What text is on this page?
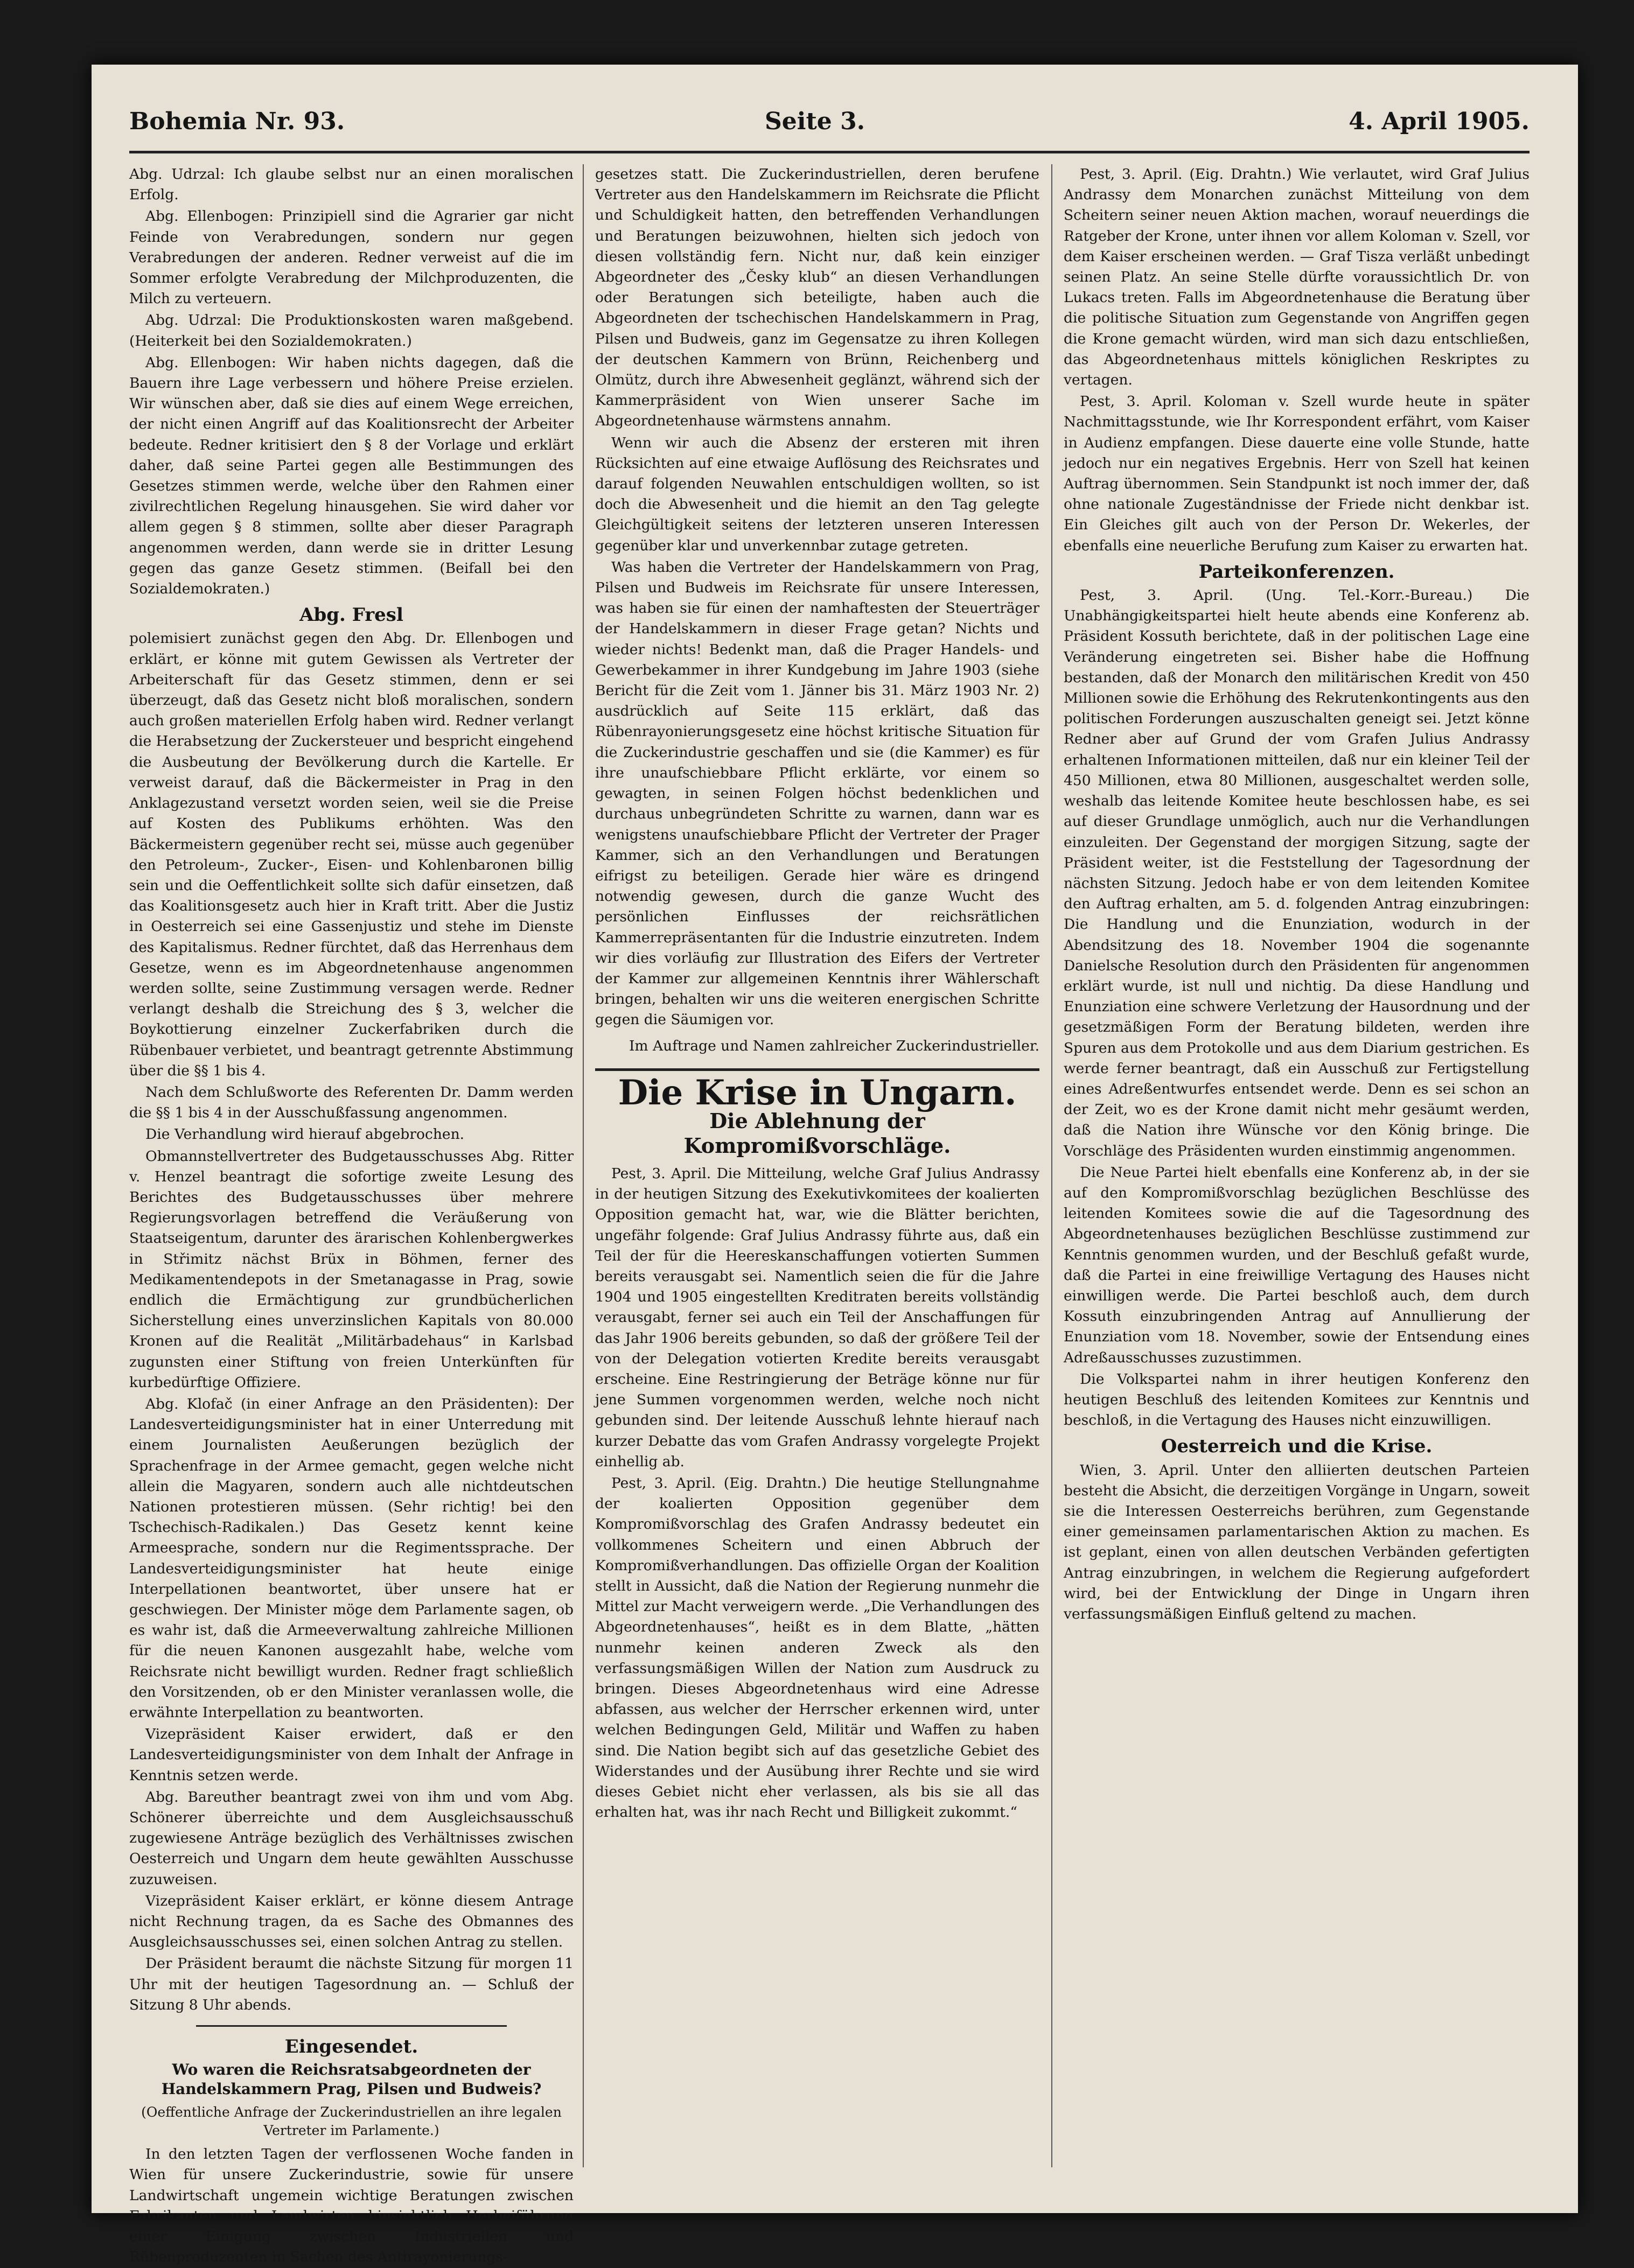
Bohemia Nr. 93.	Seite 3.	4. April 1905.

Abg. Udrzal: Ich glaube selbst nur an einen moralischen Erfolg.

Abg. Ellenbogen: Prinzipiell sind die Agrarier gar nicht Feinde von Verabredungen, sondern nur gegen Verabredungen der anderen. Redner verweist auf die im Sommer erfolgte Verabredung der Milchproduzenten, die Milch zu verteuern.

Abg. Udrzal: Die Produktionskosten waren maßgebend. (Heiterkeit bei den Sozialdemokraten.)

Abg. Ellenbogen: Wir haben nichts dagegen, daß die Bauern ihre Lage verbessern und höhere Preise erzielen. Wir wünschen aber, daß sie dies auf einem Wege erreichen, der nicht einen Angriff auf das Koalitionsrecht der Arbeiter bedeute. Redner kritisiert den § 8 der Vorlage und erklärt daher, daß seine Partei gegen alle Bestimmungen des Gesetzes stimmen werde, welche über den Rahmen einer zivilrechtlichen Regelung hinausgehen. Sie wird daher vor allem gegen § 8 stimmen, sollte aber dieser Paragraph angenommen werden, dann werde sie in dritter Lesung gegen das ganze Gesetz stimmen. (Beifall bei den Sozialdemokraten.)

Abg. Fresl

polemisiert zunächst gegen den Abg. Dr. Ellenbogen und erklärt, er könne mit gutem Gewissen als Vertreter der Arbeiterschaft für das Gesetz stimmen, denn er sei überzeugt, daß das Gesetz nicht bloß moralischen, sondern auch großen materiellen Erfolg haben wird. Redner verlangt die Herabsetzung der Zuckersteuer und bespricht eingehend die Ausbeutung der Bevölkerung durch die Kartelle. Er verweist darauf, daß die Bäckermeister in Prag in den Anklagezustand versetzt worden seien, weil sie die Preise auf Kosten des Publikums erhöhten. Was den Bäckermeistern gegenüber recht sei, müsse auch gegenüber den Petroleum-, Zucker-, Eisen- und Kohlenbaronen billig sein und die Oeffentlichkeit sollte sich dafür einsetzen, daß das Koalitionsgesetz auch hier in Kraft tritt. Aber die Justiz in Oesterreich sei eine Gassenjustiz und stehe im Dienste des Kapitalismus. Redner fürchtet, daß das Herrenhaus dem Gesetze, wenn es im Abgeordnetenhause angenommen werden sollte, seine Zustimmung versagen werde. Redner verlangt deshalb die Streichung des § 3, welcher die Boykottierung einzelner Zuckerfabriken durch die Rübenbauer verbietet, und beantragt getrennte Abstimmung über die §§ 1 bis 4.

Nach dem Schlußworte des Referenten Dr. Damm werden die §§ 1 bis 4 in der Ausschußfassung angenommen.

Die Verhandlung wird hierauf abgebrochen.

Obmannstellvertreter des Budgetausschusses Abg. Ritter v. Henzel beantragt die sofortige zweite Lesung des Berichtes des Budgetausschusses über mehrere Regierungsvorlagen betreffend die Veräußerung von Staatseigentum, darunter des ärarischen Kohlenbergwerkes in Střimitz nächst Brüx in Böhmen, ferner des Medikamentendepots in der Smetanagasse in Prag, sowie endlich die Ermächtigung zur grundbücherlichen Sicherstellung eines unverzinslichen Kapitals von 80.000 Kronen auf die Realität „Militärbadehaus“ in Karlsbad zugunsten einer Stiftung von freien Unterkünften für kurbedürftige Offiziere.

Abg. Klofač (in einer Anfrage an den Präsidenten): Der Landesverteidigungsminister hat in einer Unterredung mit einem Journalisten Aeußerungen bezüglich der Sprachenfrage in der Armee gemacht, gegen welche nicht allein die Magyaren, sondern auch alle nichtdeutschen Nationen protestieren müssen. (Sehr richtig! bei den Tschechisch-Radikalen.) Das Gesetz kennt keine Armeesprache, sondern nur die Regimentssprache. Der Landesverteidigungsminister hat heute einige Interpellationen beantwortet, über unsere hat er geschwiegen. Der Minister möge dem Parlamente sagen, ob es wahr ist, daß die Armeeverwaltung zahlreiche Millionen für die neuen Kanonen ausgezahlt habe, welche vom Reichsrate nicht bewilligt wurden. Redner fragt schließlich den Vorsitzenden, ob er den Minister veranlassen wolle, die erwähnte Interpellation zu beantworten.

Vizepräsident Kaiser erwidert, daß er den Landesverteidigungsminister von dem Inhalt der Anfrage in Kenntnis setzen werde.

Abg. Bareuther beantragt zwei von ihm und vom Abg. Schönerer überreichte und dem Ausgleichsausschuß zugewiesene Anträge bezüglich des Verhältnisses zwischen Oesterreich und Ungarn dem heute gewählten Ausschusse zuzuweisen.

Vizepräsident Kaiser erklärt, er könne diesem Antrage nicht Rechnung tragen, da es Sache des Obmannes des Ausgleichsausschusses sei, einen solchen Antrag zu stellen.

Der Präsident beraumt die nächste Sitzung für morgen 11 Uhr mit der heutigen Tagesordnung an. — Schluß der Sitzung 8 Uhr abends.

Eingesendet.
Wo waren die Reichsratsabgeordneten der Handelskammern Prag, Pilsen und Budweis?
(Oeffentliche Anfrage der Zuckerindustriellen an ihre legalen Vertreter im Parlamente.)

In den letzten Tagen der verflossenen Woche fanden in Wien für unsere Zuckerindustrie, sowie für unsere Landwirtschaft ungemein wichtige Beratungen zwischen Fabrikanten und Landwirten hinsichtlich Herbeiführung einer Einigung zwischen Industriellen und Rübenproduzenten in Sachen des Antirayonierungs-

gesetzes statt. Die Zuckerindustriellen, deren berufene Vertreter aus den Handelskammern im Reichsrate die Pflicht und Schuldigkeit hatten, den betreffenden Verhandlungen und Beratungen beizuwohnen, hielten sich jedoch von diesen vollständig fern. Nicht nur, daß kein einziger Abgeordneter des „Česky klub“ an diesen Verhandlungen oder Beratungen sich beteiligte, haben auch die Abgeordneten der tschechischen Handelskammern in Prag, Pilsen und Budweis, ganz im Gegensatze zu ihren Kollegen der deutschen Kammern von Brünn, Reichenberg und Olmütz, durch ihre Abwesenheit geglänzt, während sich der Kammerpräsident von Wien unserer Sache im Abgeordnetenhause wärmstens annahm.

Wenn wir auch die Absenz der ersteren mit ihren Rücksichten auf eine etwaige Auflösung des Reichsrates und darauf folgenden Neuwahlen entschuldigen wollten, so ist doch die Abwesenheit und die hiemit an den Tag gelegte Gleichgültigkeit seitens der letzteren unseren Interessen gegenüber klar und unverkennbar zutage getreten.

Was haben die Vertreter der Handelskammern von Prag, Pilsen und Budweis im Reichsrate für unsere Interessen, was haben sie für einen der namhaftesten der Steuerträger der Handelskammern in dieser Frage getan? Nichts und wieder nichts! Bedenkt man, daß die Prager Handels- und Gewerbekammer in ihrer Kundgebung im Jahre 1903 (siehe Bericht für die Zeit vom 1. Jänner bis 31. März 1903 Nr. 2) ausdrücklich auf Seite 115 erklärt, daß das Rübenrayonierungsgesetz eine höchst kritische Situation für die Zuckerindustrie geschaffen und sie (die Kammer) es für ihre unaufschiebbare Pflicht erklärte, vor einem so gewagten, in seinen Folgen höchst bedenklichen und durchaus unbegründeten Schritte zu warnen, dann war es wenigstens unaufschiebbare Pflicht der Vertreter der Prager Kammer, sich an den Verhandlungen und Beratungen eifrigst zu beteiligen. Gerade hier wäre es dringend notwendig gewesen, durch die ganze Wucht des persönlichen Einflusses der reichsrätlichen Kammerrepräsentanten für die Industrie einzutreten. Indem wir dies vorläufig zur Illustration des Eifers der Vertreter der Kammer zur allgemeinen Kenntnis ihrer Wählerschaft bringen, behalten wir uns die weiteren energischen Schritte gegen die Säumigen vor.

Im Auftrage und Namen zahlreicher Zuckerindustrieller.
Die Krise in Ungarn.
Die Ablehnung der Kompromißvorschläge.

Pest, 3. April. Die Mitteilung, welche Graf Julius Andrassy in der heutigen Sitzung des Exekutivkomitees der koalierten Opposition gemacht hat, war, wie die Blätter berichten, ungefähr folgende: Graf Julius Andrassy führte aus, daß ein Teil der für die Heereskanschaffungen votierten Summen bereits verausgabt sei. Namentlich seien die für die Jahre 1904 und 1905 eingestellten Kreditraten bereits vollständig verausgabt, ferner sei auch ein Teil der Anschaffungen für das Jahr 1906 bereits gebunden, so daß der größere Teil der von der Delegation votierten Kredite bereits verausgabt erscheine. Eine Restringierung der Beträge könne nur für jene Summen vorgenommen werden, welche noch nicht gebunden sind. Der leitende Ausschuß lehnte hierauf nach kurzer Debatte das vom Grafen Andrassy vorgelegte Projekt einhellig ab.

Pest, 3. April. (Eig. Drahtn.) Die heutige Stellungnahme der koalierten Opposition gegenüber dem Kompromißvorschlag des Grafen Andrassy bedeutet ein vollkommenes Scheitern und einen Abbruch der Kompromißverhandlungen. Das offizielle Organ der Koalition stellt in Aussicht, daß die Nation der Regierung nunmehr die Mittel zur Macht verweigern werde. „Die Verhandlungen des Abgeordnetenhauses“, heißt es in dem Blatte, „hätten nunmehr keinen anderen Zweck als den verfassungsmäßigen Willen der Nation zum Ausdruck zu bringen. Dieses Abgeordnetenhaus wird eine Adresse abfassen, aus welcher der Herrscher erkennen wird, unter welchen Bedingungen Geld, Militär und Waffen zu haben sind. Die Nation begibt sich auf das gesetzliche Gebiet des Widerstandes und der Ausübung ihrer Rechte und sie wird dieses Gebiet nicht eher verlassen, als bis sie all das erhalten hat, was ihr nach Recht und Billigkeit zukommt.“

Pest, 3. April. (Eig. Drahtn.) Wie verlautet, wird Graf Julius Andrassy dem Monarchen zunächst Mitteilung von dem Scheitern seiner neuen Aktion machen, worauf neuerdings die Ratgeber der Krone, unter ihnen vor allem Koloman v. Szell, vor dem Kaiser erscheinen werden. — Graf Tisza verläßt unbedingt seinen Platz. An seine Stelle dürfte voraussichtlich Dr. von Lukacs treten. Falls im Abgeordnetenhause die Beratung über die politische Situation zum Gegenstande von Angriffen gegen die Krone gemacht würden, wird man sich dazu entschließen, das Abgeordnetenhaus mittels königlichen Reskriptes zu vertagen.

Pest, 3. April. Koloman v. Szell wurde heute in später Nachmittagsstunde, wie Ihr Korrespondent erfährt, vom Kaiser in Audienz empfangen. Diese dauerte eine volle Stunde, hatte jedoch nur ein negatives Ergebnis. Herr von Szell hat keinen Auftrag übernommen. Sein Standpunkt ist noch immer der, daß ohne nationale Zugeständnisse der Friede nicht denkbar ist. Ein Gleiches gilt auch von der Person Dr. Wekerles, der ebenfalls eine neuerliche Berufung zum Kaiser zu erwarten hat.

Parteikonferenzen.

Pest, 3. April. (Ung. Tel.-Korr.-Bureau.) Die Unabhängigkeitspartei hielt heute abends eine Konferenz ab. Präsident Kossuth berichtete, daß in der politischen Lage eine Veränderung eingetreten sei. Bisher habe die Hoffnung bestanden, daß der Monarch den militärischen Kredit von 450 Millionen sowie die Erhöhung des Rekrutenkontingents aus den politischen Forderungen auszuschalten geneigt sei. Jetzt könne Redner aber auf Grund der vom Grafen Julius Andrassy erhaltenen Informationen mitteilen, daß nur ein kleiner Teil der 450 Millionen, etwa 80 Millionen, ausgeschaltet werden solle, weshalb das leitende Komitee heute beschlossen habe, es sei auf dieser Grundlage unmöglich, auch nur die Verhandlungen einzuleiten. Der Gegenstand der morgigen Sitzung, sagte der Präsident weiter, ist die Feststellung der Tagesordnung der nächsten Sitzung. Jedoch habe er von dem leitenden Komitee den Auftrag erhalten, am 5. d. folgenden Antrag einzubringen: Die Handlung und die Enunziation, wodurch in der Abendsitzung des 18. November 1904 die sogenannte Danielsche Resolution durch den Präsidenten für angenommen erklärt wurde, ist null und nichtig. Da diese Handlung und Enunziation eine schwere Verletzung der Hausordnung und der gesetzmäßigen Form der Beratung bildeten, werden ihre Spuren aus dem Protokolle und aus dem Diarium gestrichen. Es werde ferner beantragt, daß ein Ausschuß zur Fertigstellung eines Adreßentwurfes entsendet werde. Denn es sei schon an der Zeit, wo es der Krone damit nicht mehr gesäumt werden, daß die Nation ihre Wünsche vor den König bringe. Die Vorschläge des Präsidenten wurden einstimmig angenommen.

Die Neue Partei hielt ebenfalls eine Konferenz ab, in der sie auf den Kompromißvorschlag bezüglichen Beschlüsse des leitenden Komitees sowie die auf die Tagesordnung des Abgeordnetenhauses bezüglichen Beschlüsse zustimmend zur Kenntnis genommen wurden, und der Beschluß gefaßt wurde, daß die Partei in eine freiwillige Vertagung des Hauses nicht einwilligen werde. Die Partei beschloß auch, dem durch Kossuth einzubringenden Antrag auf Annullierung der Enunziation vom 18. November, sowie der Entsendung eines Adreßausschusses zuzustimmen.

Die Volkspartei nahm in ihrer heutigen Konferenz den heutigen Beschluß des leitenden Komitees zur Kenntnis und beschloß, in die Vertagung des Hauses nicht einzuwilligen.

Oesterreich und die Krise.

Wien, 3. April. Unter den alliierten deutschen Parteien besteht die Absicht, die derzeitigen Vorgänge in Ungarn, soweit sie die Interessen Oesterreichs berühren, zum Gegenstande einer gemeinsamen parlamentarischen Aktion zu machen. Es ist geplant, einen von allen deutschen Verbänden gefertigten Antrag einzubringen, in welchem die Regierung aufgefordert wird, bei der Entwicklung der Dinge in Ungarn ihren verfassungsmäßigen Einfluß geltend zu machen.
